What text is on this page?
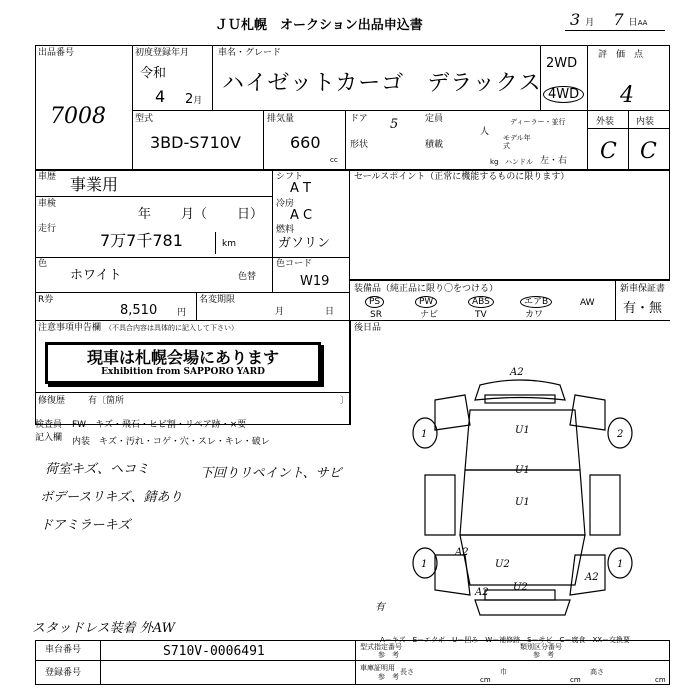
ＪＵ札幌　オークション出品申込書	3 月 7 日AA
出品番号
7008
初度登録年月
令和
4 2月
車名・グレード
ハイゼットカーゴ　デラックス
2WD
4WD
評　価　点
4
外装 内装
C C
型式
3BD-S710V
排気量
660
cc
ドア 5	定員
人
形状	積載
kg
ディーラー・並行
モデル年式
ハンドル 左・右
車歴 事業用
車検
年 月（ 日）
走行
7万7千781	km
シフト
A T
冷房
A C
燃料
ガソリン
セールスポイント（正常に機能するものに限ります）
色
ホワイト	色替
色コード
W19
R券
8,510 円
名変期限
月	日
装備品（純正品に限り〇をつける）
PS	PW	ABS	エアB	AW
SR	ナビ	TV	カワ
新車保証書
有・無
注意事項申告欄 （不具合内容は具体的に記入して下さい）
現車は札幌会場にあります
Exhibition from SAPPORO YARD
修復歴	有〔箇所	〕
後日品
検査員
記入欄
FW　キズ・飛石・ヒビ割・リペア跡・×要
内装　キズ・汚れ・コゲ・穴・スレ・キレ・破レ
荷室キズ、ヘコミ
ボデースリキズ、錆あり
ドアミラーキズ
下回りリペイント、サビ
スタッドレス装着 外AW
A2
U1
U1
U1
1	2
A2
U2
U2
A2
A2
1	1
有
A－キズ　E－エクボ　U－凹み　W－補修跡　S－サビ　C－腐食　XX－交換要
車台番号	S710V-0006491
登録番号
型式指定番号
参　考
類別区分番号
参　考
車庫証明用
参　考
長さ
cm
巾
cm
高さ
cm
